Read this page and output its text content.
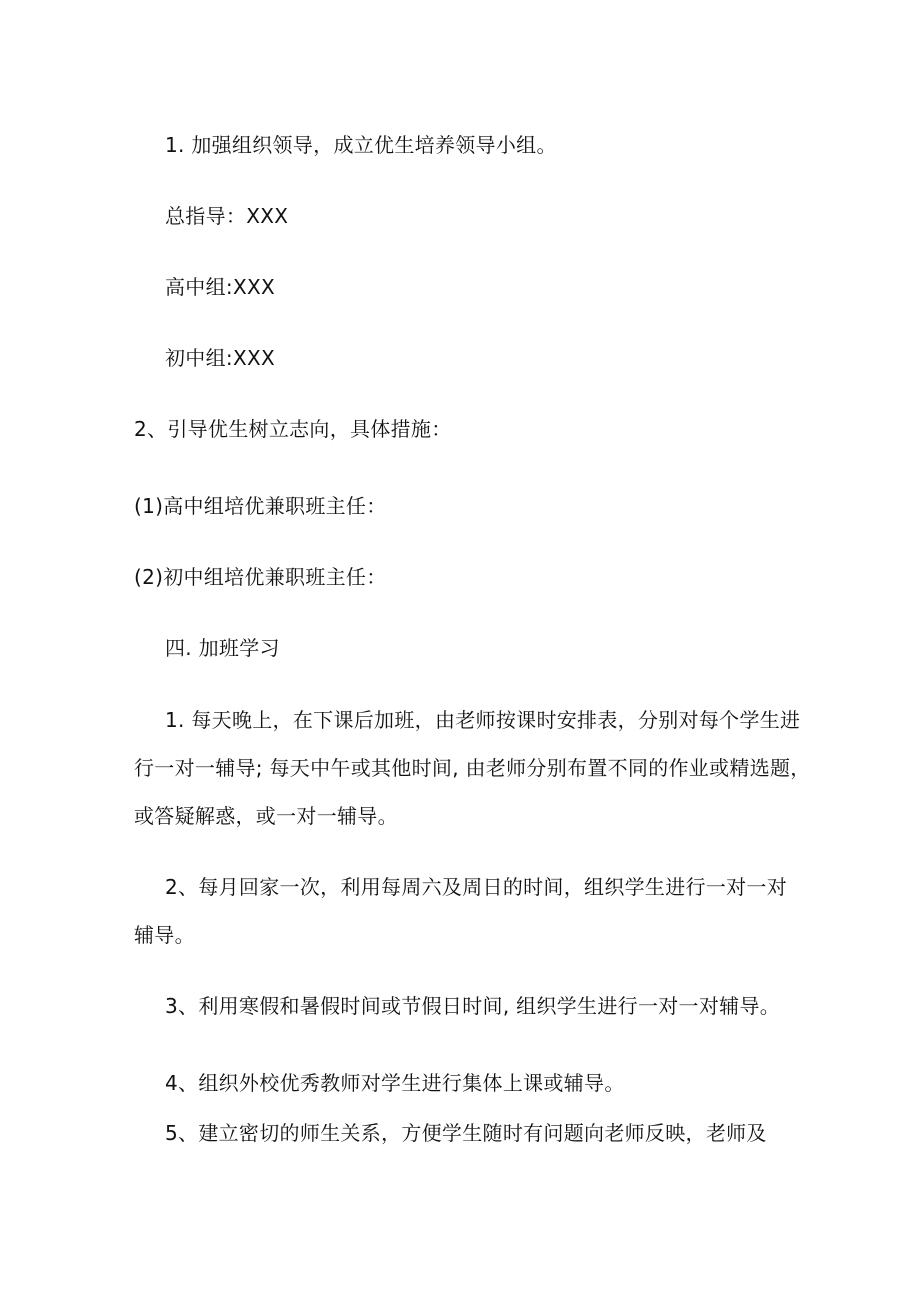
1. 加强组织领导，成立优生培养领导小组。

总指导：XXX

高中组:XXX

初中组:XXX

2、引导优生树立志向，具体措施：

(1)高中组培优兼职班主任：

(2)初中组培优兼职班主任：

四. 加班学习

1. 每天晚上，在下课后加班，由老师按课时安排表，分别对每个学生进

行一对一辅导; 每天中午或其他时间, 由老师分别布置不同的作业或精选题，

或答疑解惑，或一对一辅导。

2、每月回家一次，利用每周六及周日的时间，组织学生进行一对一对

辅导。

3、利用寒假和暑假时间或节假日时间, 组织学生进行一对一对辅导。

4、组织外校优秀教师对学生进行集体上课或辅导。

5、建立密切的师生关系，方便学生随时有问题向老师反映，老师及
